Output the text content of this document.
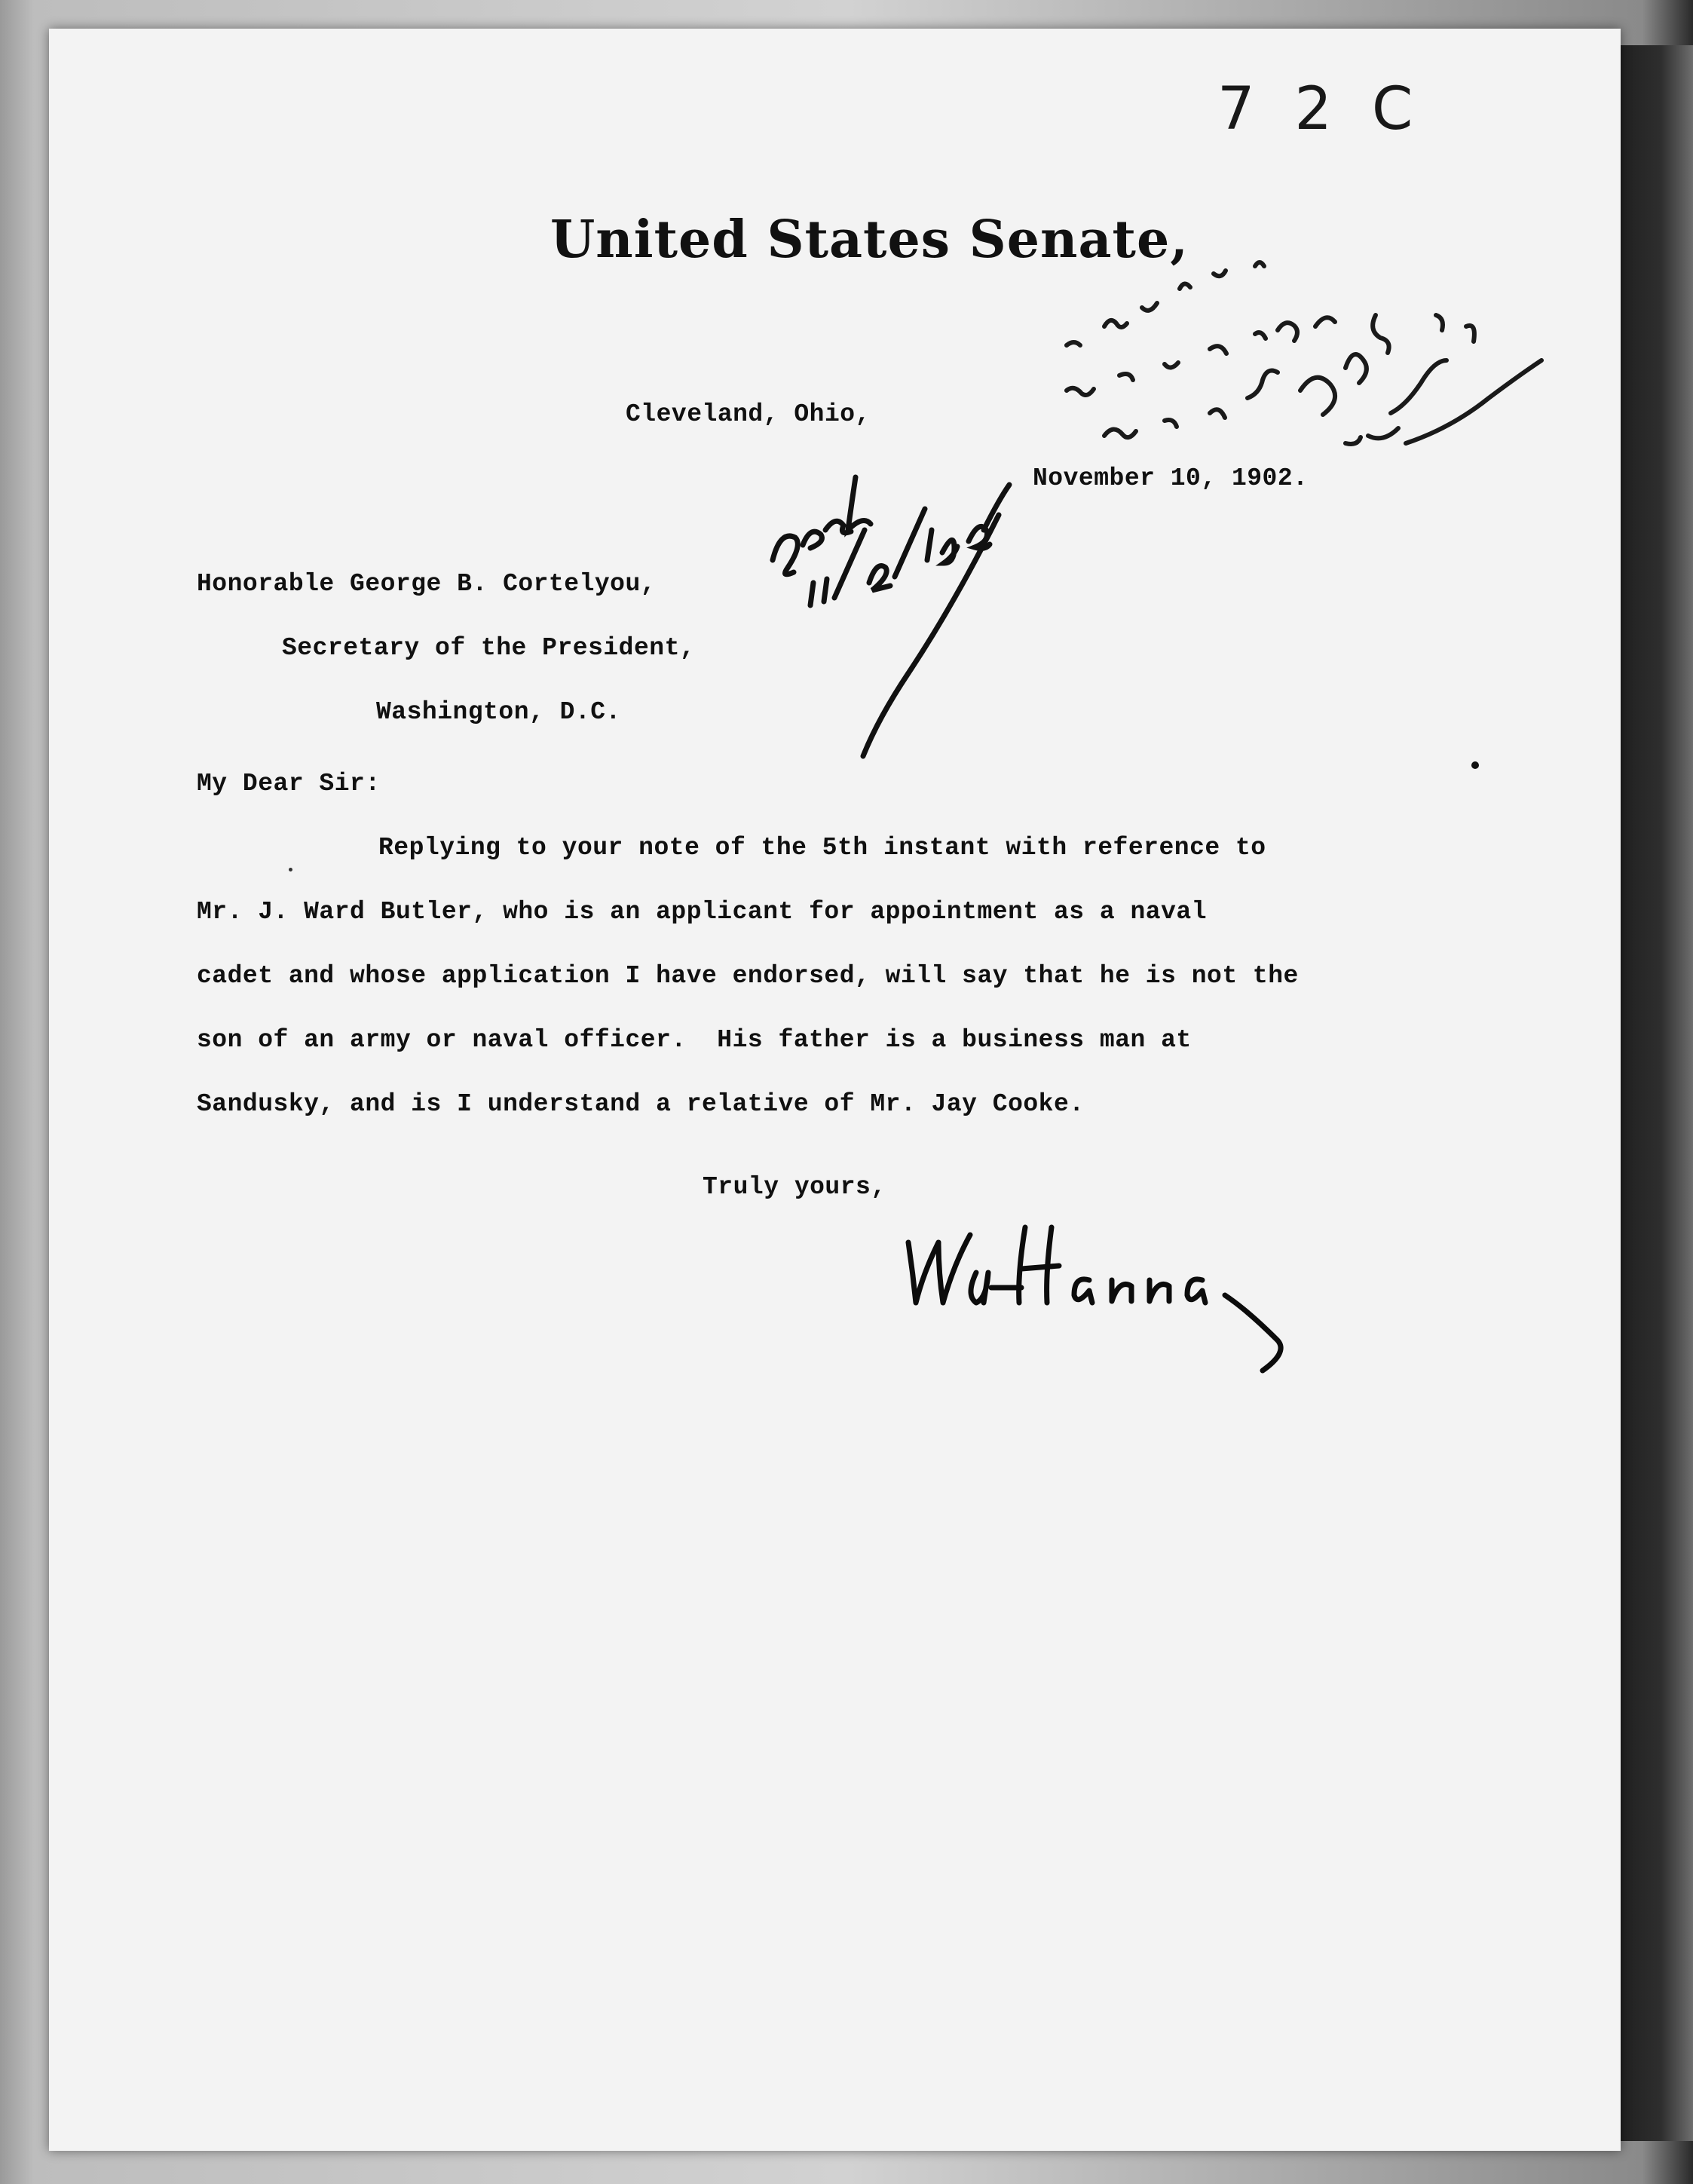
7 2 C
United States Senate,
Cleveland, Ohio,
November 10, 1902.
Honorable George B. Cortelyou,
Secretary of the President,
Washington, D.C.
My Dear Sir:
Replying to your note of the 5th instant with reference to
Mr. J. Ward Butler, who is an applicant for appointment as a naval
cadet and whose application I have endorsed, will say that he is not the
son of an army or naval officer.  His father is a business man at
Sandusky, and is I understand a relative of Mr. Jay Cooke.
Truly yours,
